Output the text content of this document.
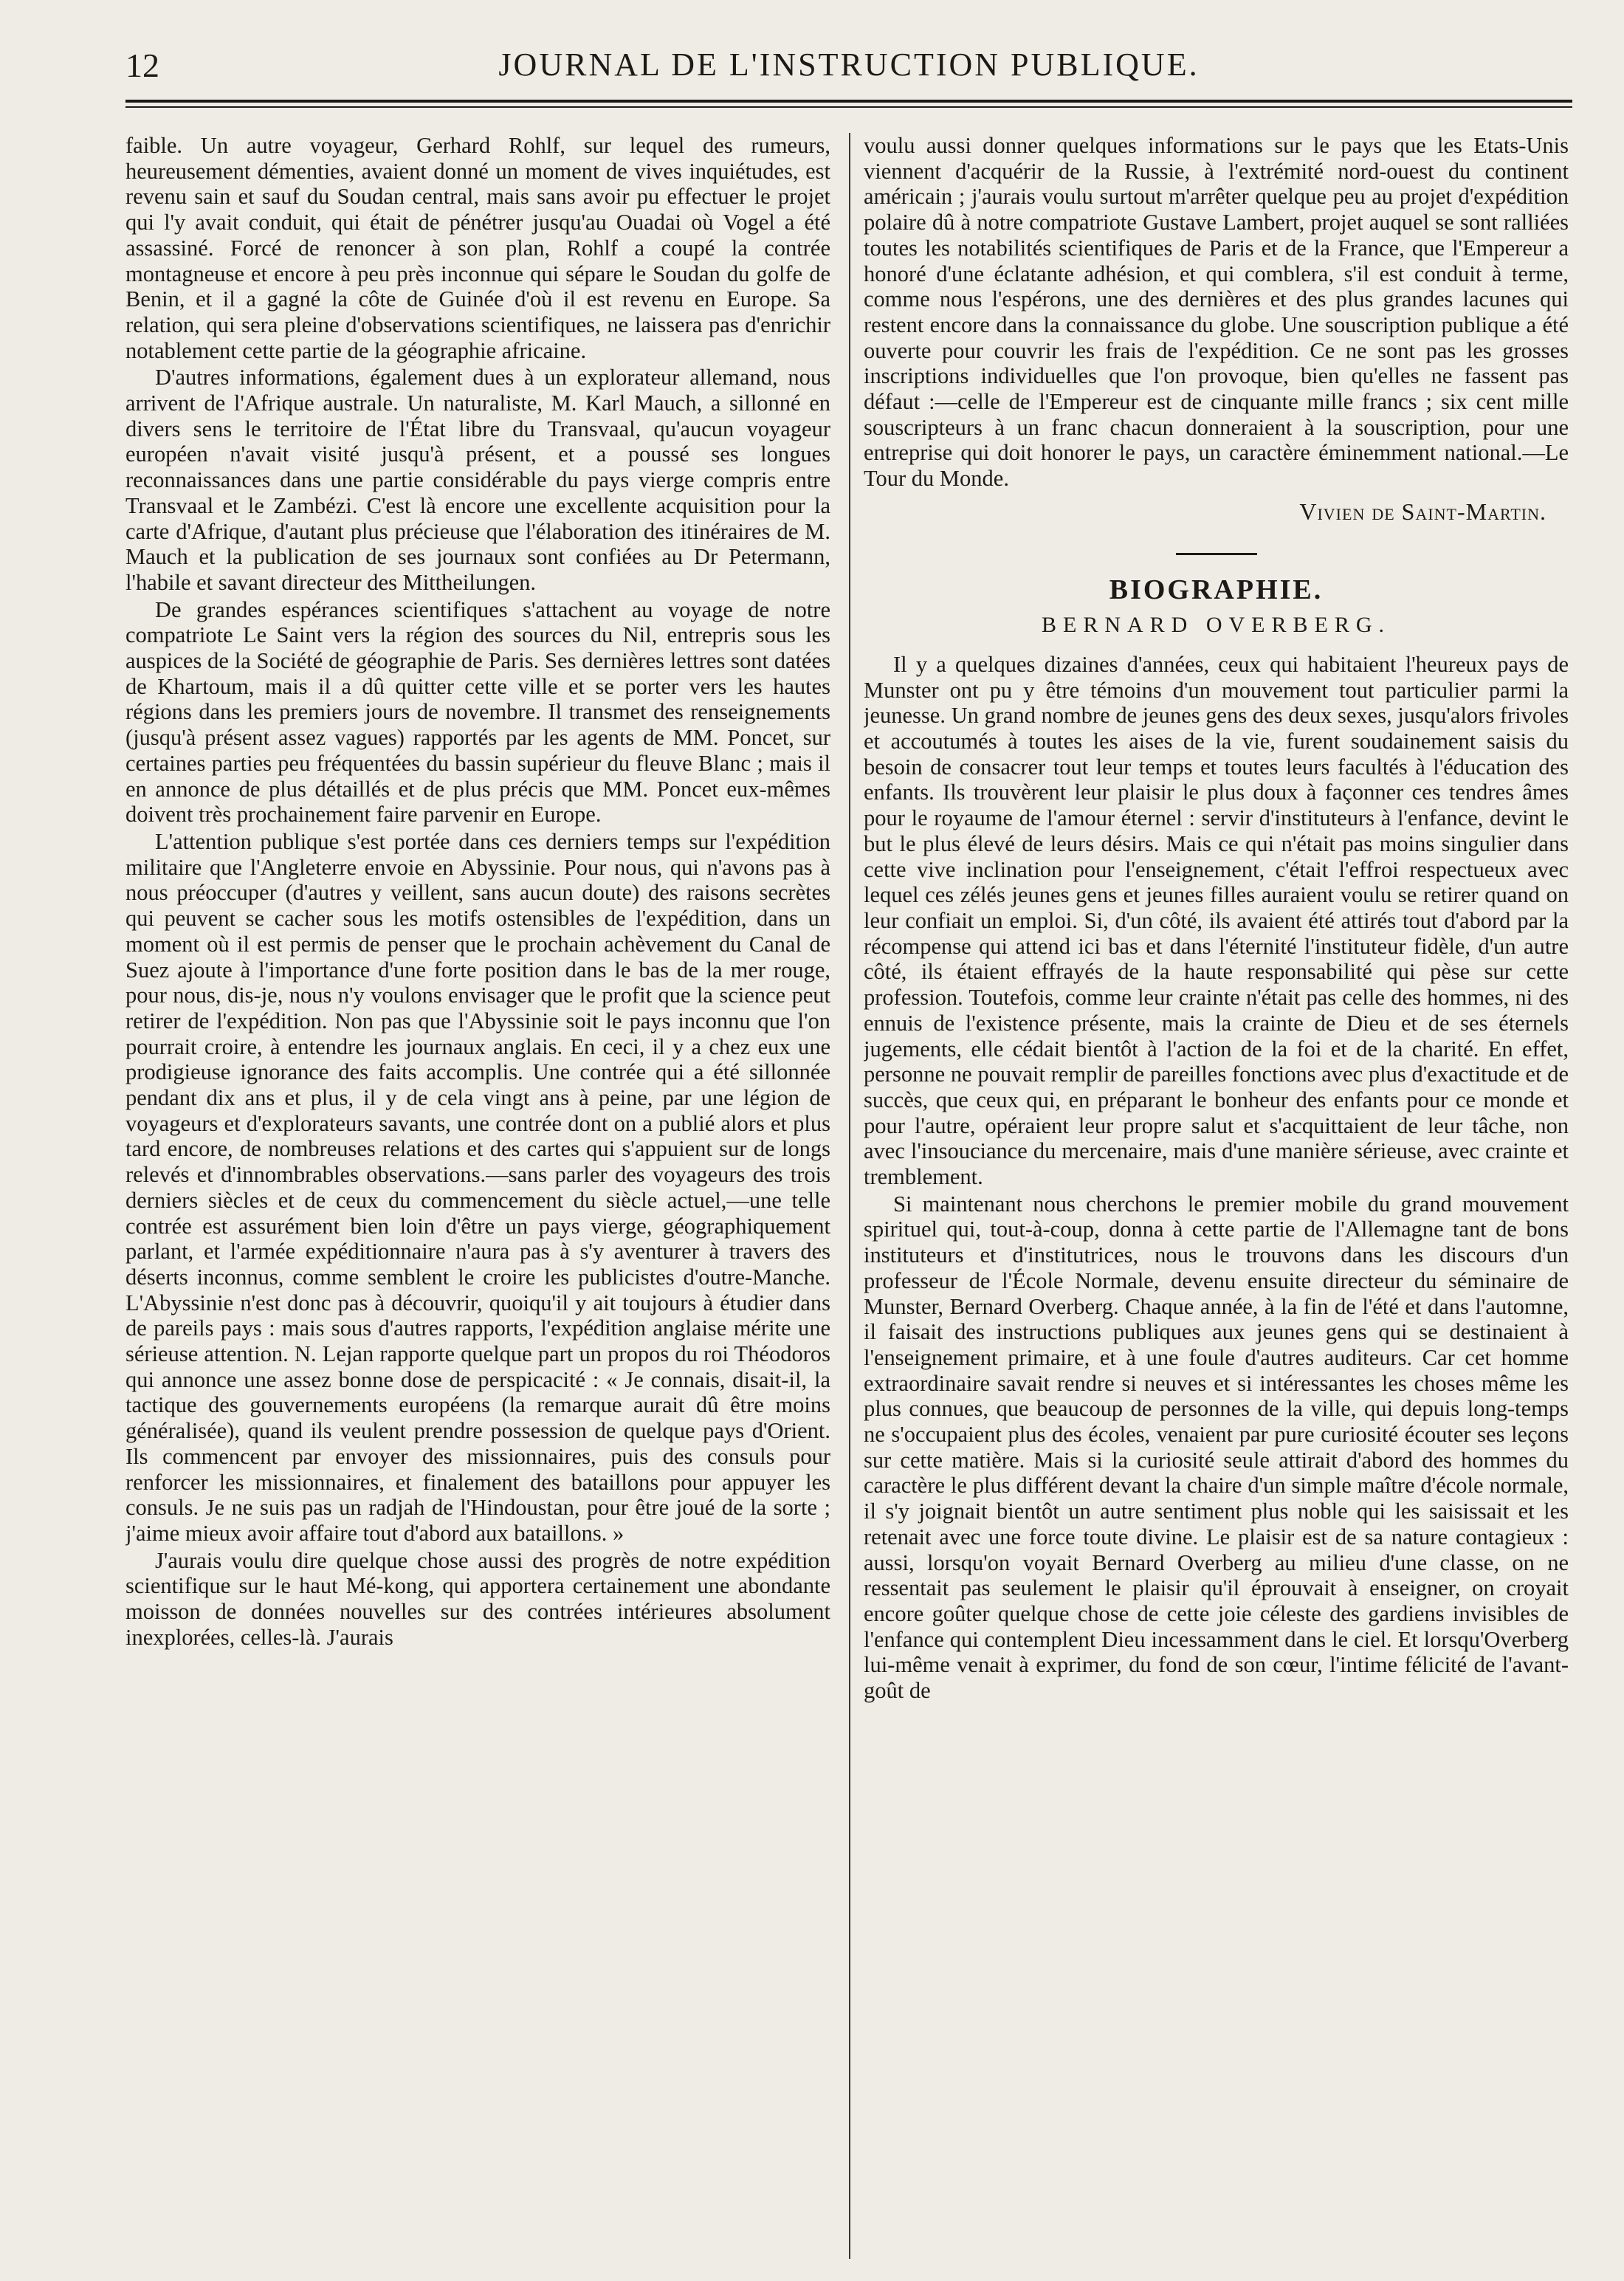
12	JOURNAL DE L'INSTRUCTION PUBLIQUE.

faible. Un autre voyageur, Gerhard Rohlf, sur lequel des rumeurs, heureusement démenties, avaient donné un moment de vives inquiétudes, est revenu sain et sauf du Soudan central, mais sans avoir pu effectuer le projet qui l'y avait conduit, qui était de pénétrer jusqu'au Ouadai où Vogel a été assassiné. Forcé de renoncer à son plan, Rohlf a coupé la contrée montagneuse et encore à peu près inconnue qui sépare le Soudan du golfe de Benin, et il a gagné la côte de Guinée d'où il est revenu en Europe. Sa relation, qui sera pleine d'observations scientifiques, ne laissera pas d'enrichir notablement cette partie de la géographie africaine.

D'autres informations, également dues à un explorateur allemand, nous arrivent de l'Afrique australe. Un naturaliste, M. Karl Mauch, a sillonné en divers sens le territoire de l'État libre du Transvaal, qu'aucun voyageur européen n'avait visité jusqu'à présent, et a poussé ses longues reconnaissances dans une partie considérable du pays vierge compris entre Transvaal et le Zambézi. C'est là encore une excellente acquisition pour la carte d'Afrique, d'autant plus précieuse que l'élaboration des itinéraires de M. Mauch et la publication de ses journaux sont confiées au Dr Petermann, l'habile et savant directeur des Mittheilungen.

De grandes espérances scientifiques s'attachent au voyage de notre compatriote Le Saint vers la région des sources du Nil, entrepris sous les auspices de la Société de géographie de Paris. Ses dernières lettres sont datées de Khartoum, mais il a dû quitter cette ville et se porter vers les hautes régions dans les premiers jours de novembre. Il transmet des renseignements (jusqu'à présent assez vagues) rapportés par les agents de MM. Poncet, sur certaines parties peu fréquentées du bassin supérieur du fleuve Blanc ; mais il en annonce de plus détaillés et de plus précis que MM. Poncet eux-mêmes doivent très prochainement faire parvenir en Europe.

L'attention publique s'est portée dans ces derniers temps sur l'expédition militaire que l'Angleterre envoie en Abyssinie. Pour nous, qui n'avons pas à nous préoccuper (d'autres y veillent, sans aucun doute) des raisons secrètes qui peuvent se cacher sous les motifs ostensibles de l'expédition, dans un moment où il est permis de penser que le prochain achèvement du Canal de Suez ajoute à l'importance d'une forte position dans le bas de la mer rouge, pour nous, dis-je, nous n'y voulons envisager que le profit que la science peut retirer de l'expédition. Non pas que l'Abyssinie soit le pays inconnu que l'on pourrait croire, à entendre les journaux anglais. En ceci, il y a chez eux une prodigieuse ignorance des faits accomplis. Une contrée qui a été sillonnée pendant dix ans et plus, il y de cela vingt ans à peine, par une légion de voyageurs et d'explorateurs savants, une contrée dont on a publié alors et plus tard encore, de nombreuses relations et des cartes qui s'appuient sur de longs relevés et d'innombrables observations.—sans parler des voyageurs des trois derniers siècles et de ceux du commencement du siècle actuel,—une telle contrée est assurément bien loin d'être un pays vierge, géographiquement parlant, et l'armée expéditionnaire n'aura pas à s'y aventurer à travers des déserts inconnus, comme semblent le croire les publicistes d'outre-Manche. L'Abyssinie n'est donc pas à découvrir, quoiqu'il y ait toujours à étudier dans de pareils pays : mais sous d'autres rapports, l'expédition anglaise mérite une sérieuse attention. N. Lejan rapporte quelque part un propos du roi Théodoros qui annonce une assez bonne dose de perspicacité : « Je connais, disait-il, la tactique des gouvernements européens (la remarque aurait dû être moins généralisée), quand ils veulent prendre possession de quelque pays d'Orient. Ils commencent par envoyer des missionnaires, puis des consuls pour renforcer les missionnaires, et finalement des bataillons pour appuyer les consuls. Je ne suis pas un radjah de l'Hindoustan, pour être joué de la sorte ; j'aime mieux avoir affaire tout d'abord aux bataillons. »

J'aurais voulu dire quelque chose aussi des progrès de notre expédition scientifique sur le haut Mé-kong, qui apportera certainement une abondante moisson de données nouvelles sur des contrées intérieures absolument inexplorées, celles-là. J'aurais

voulu aussi donner quelques informations sur le pays que les Etats-Unis viennent d'acquérir de la Russie, à l'extrémité nord-ouest du continent américain ; j'aurais voulu surtout m'arrêter quelque peu au projet d'expédition polaire dû à notre compatriote Gustave Lambert, projet auquel se sont ralliées toutes les notabilités scientifiques de Paris et de la France, que l'Empereur a honoré d'une éclatante adhésion, et qui comblera, s'il est conduit à terme, comme nous l'espérons, une des dernières et des plus grandes lacunes qui restent encore dans la connaissance du globe. Une souscription publique a été ouverte pour couvrir les frais de l'expédition. Ce ne sont pas les grosses inscriptions individuelles que l'on provoque, bien qu'elles ne fassent pas défaut :—celle de l'Empereur est de cinquante mille francs ; six cent mille souscripteurs à un franc chacun donneraient à la souscription, pour une entreprise qui doit honorer le pays, un caractère éminemment national.—Le Tour du Monde.

Vivien de Saint-Martin.
BIOGRAPHIE.
BERNARD OVERBERG.

Il y a quelques dizaines d'années, ceux qui habitaient l'heureux pays de Munster ont pu y être témoins d'un mouvement tout particulier parmi la jeunesse. Un grand nombre de jeunes gens des deux sexes, jusqu'alors frivoles et accoutumés à toutes les aises de la vie, furent soudainement saisis du besoin de consacrer tout leur temps et toutes leurs facultés à l'éducation des enfants. Ils trouvèrent leur plaisir le plus doux à façonner ces tendres âmes pour le royaume de l'amour éternel : servir d'instituteurs à l'enfance, devint le but le plus élevé de leurs désirs. Mais ce qui n'était pas moins singulier dans cette vive inclination pour l'enseignement, c'était l'effroi respectueux avec lequel ces zélés jeunes gens et jeunes filles auraient voulu se retirer quand on leur confiait un emploi. Si, d'un côté, ils avaient été attirés tout d'abord par la récompense qui attend ici bas et dans l'éternité l'instituteur fidèle, d'un autre côté, ils étaient effrayés de la haute responsabilité qui pèse sur cette profession. Toutefois, comme leur crainte n'était pas celle des hommes, ni des ennuis de l'existence présente, mais la crainte de Dieu et de ses éternels jugements, elle cédait bientôt à l'action de la foi et de la charité. En effet, personne ne pouvait remplir de pareilles fonctions avec plus d'exactitude et de succès, que ceux qui, en préparant le bonheur des enfants pour ce monde et pour l'autre, opéraient leur propre salut et s'acquittaient de leur tâche, non avec l'insouciance du mercenaire, mais d'une manière sérieuse, avec crainte et tremblement.

Si maintenant nous cherchons le premier mobile du grand mouvement spirituel qui, tout-à-coup, donna à cette partie de l'Allemagne tant de bons instituteurs et d'institutrices, nous le trouvons dans les discours d'un professeur de l'École Normale, devenu ensuite directeur du séminaire de Munster, Bernard Overberg. Chaque année, à la fin de l'été et dans l'automne, il faisait des instructions publiques aux jeunes gens qui se destinaient à l'enseignement primaire, et à une foule d'autres auditeurs. Car cet homme extraordinaire savait rendre si neuves et si intéressantes les choses même les plus connues, que beaucoup de personnes de la ville, qui depuis long-temps ne s'occupaient plus des écoles, venaient par pure curiosité écouter ses leçons sur cette matière. Mais si la curiosité seule attirait d'abord des hommes du caractère le plus différent devant la chaire d'un simple maître d'école normale, il s'y joignait bientôt un autre sentiment plus noble qui les saisissait et les retenait avec une force toute divine. Le plaisir est de sa nature contagieux : aussi, lorsqu'on voyait Bernard Overberg au milieu d'une classe, on ne ressentait pas seulement le plaisir qu'il éprouvait à enseigner, on croyait encore goûter quelque chose de cette joie céleste des gardiens invisibles de l'enfance qui contemplent Dieu incessamment dans le ciel. Et lorsqu'Overberg lui-même venait à exprimer, du fond de son cœur, l'intime félicité de l'avant-goût de
